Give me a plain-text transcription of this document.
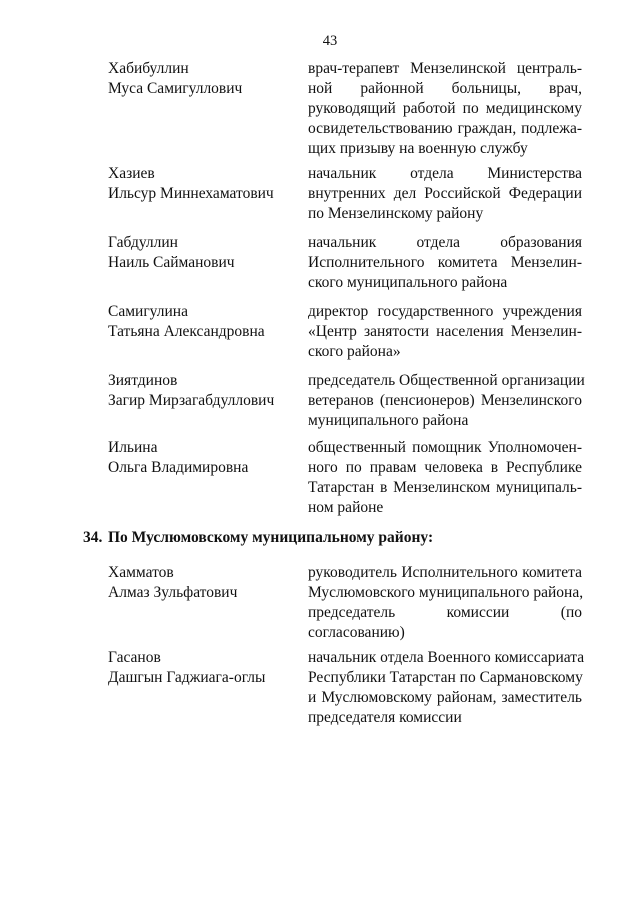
43
Хабибуллин
Муса Самигуллович
врач-терапевт Мензелинской централь-
ной районной больницы, врач,
руководящий работой по медицинскому
освидетельствованию граждан, подлежа-
щих призыву на военную службу
Хазиев
Ильсур Миннехаматович
начальник отдела Министерства
внутренних дел Российской Федерации
по Мензелинскому району
Габдуллин
Наиль Сайманович
начальник отдела образования
Исполнительного комитета Мензелин-
ского муниципального района
Самигулина
Татьяна Александровна
директор государственного учреждения
«Центр занятости населения Мензелин-
ского района»
Зиятдинов
Загир Мирзагабдуллович
председатель Общественной организации
ветеранов (пенсионеров) Мензелинского
муниципального района
Ильина
Ольга Владимировна
общественный помощник Уполномочен-
ного по правам человека в Республике
Татарстан в Мензелинском муниципаль-
ном районе
34. По Муслюмовскому муниципальному району:
Хамматов
Алмаз Зульфатович
руководитель Исполнительного комитета
Муслюмовского муниципального района,
председатель комиссии (по
согласованию)
Гасанов
Дашгын Гаджиага-оглы
начальник отдела Военного комиссариата
Республики Татарстан по Сармановскому
и Муслюмовскому районам, заместитель
председателя комиссии
